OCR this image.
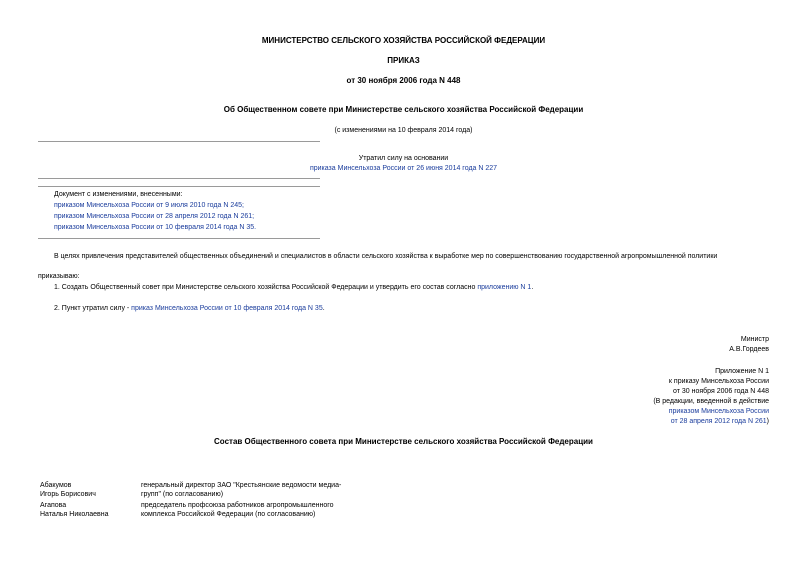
МИНИСТЕРСТВО СЕЛЬСКОГО ХОЗЯЙСТВА РОССИЙСКОЙ ФЕДЕРАЦИИ
ПРИКАЗ
от 30 ноября 2006 года N 448
Об Общественном совете при Министерстве сельского хозяйства Российской Федерации
(с изменениями на 10 февраля 2014 года)
Утратил силу на основании
приказа Минсельхоза России от 26 июня 2014 года N 227
Документ с изменениями, внесенными:
приказом Минсельхоза России от 9 июля 2010 года N 245;
приказом Минсельхоза России от 28 апреля 2012 года N 261;
приказом Минсельхоза России от 10 февраля 2014 года N 35.
В целях привлечения представителей общественных объединений и специалистов в области сельского хозяйства к выработке мер по совершенствованию государственной агропромышленной политики
приказываю:
1. Создать Общественный совет при Министерстве сельского хозяйства Российской Федерации и утвердить его состав согласно приложению N 1.
2. Пункт утратил силу - приказ Минсельхоза России от 10 февраля 2014 года N 35.
Министр
А.В.Гордеев
Приложение N 1
к приказу Минсельхоза России
от 30 ноября 2006 года N 448
(В редакции, введенной в действие
приказом Минсельхоза России
от 28 апреля 2012 года N 261)
Состав Общественного совета при Министерстве сельского хозяйства Российской Федерации
Абакумов
Игорь Борисович
генеральный директор ЗАО "Крестьянские ведомости медиа-
групп" (по согласованию)
Агапова
Наталья Николаевна
председатель профсоюза работников агропромышленного
комплекса Российской Федерации (по согласованию)
